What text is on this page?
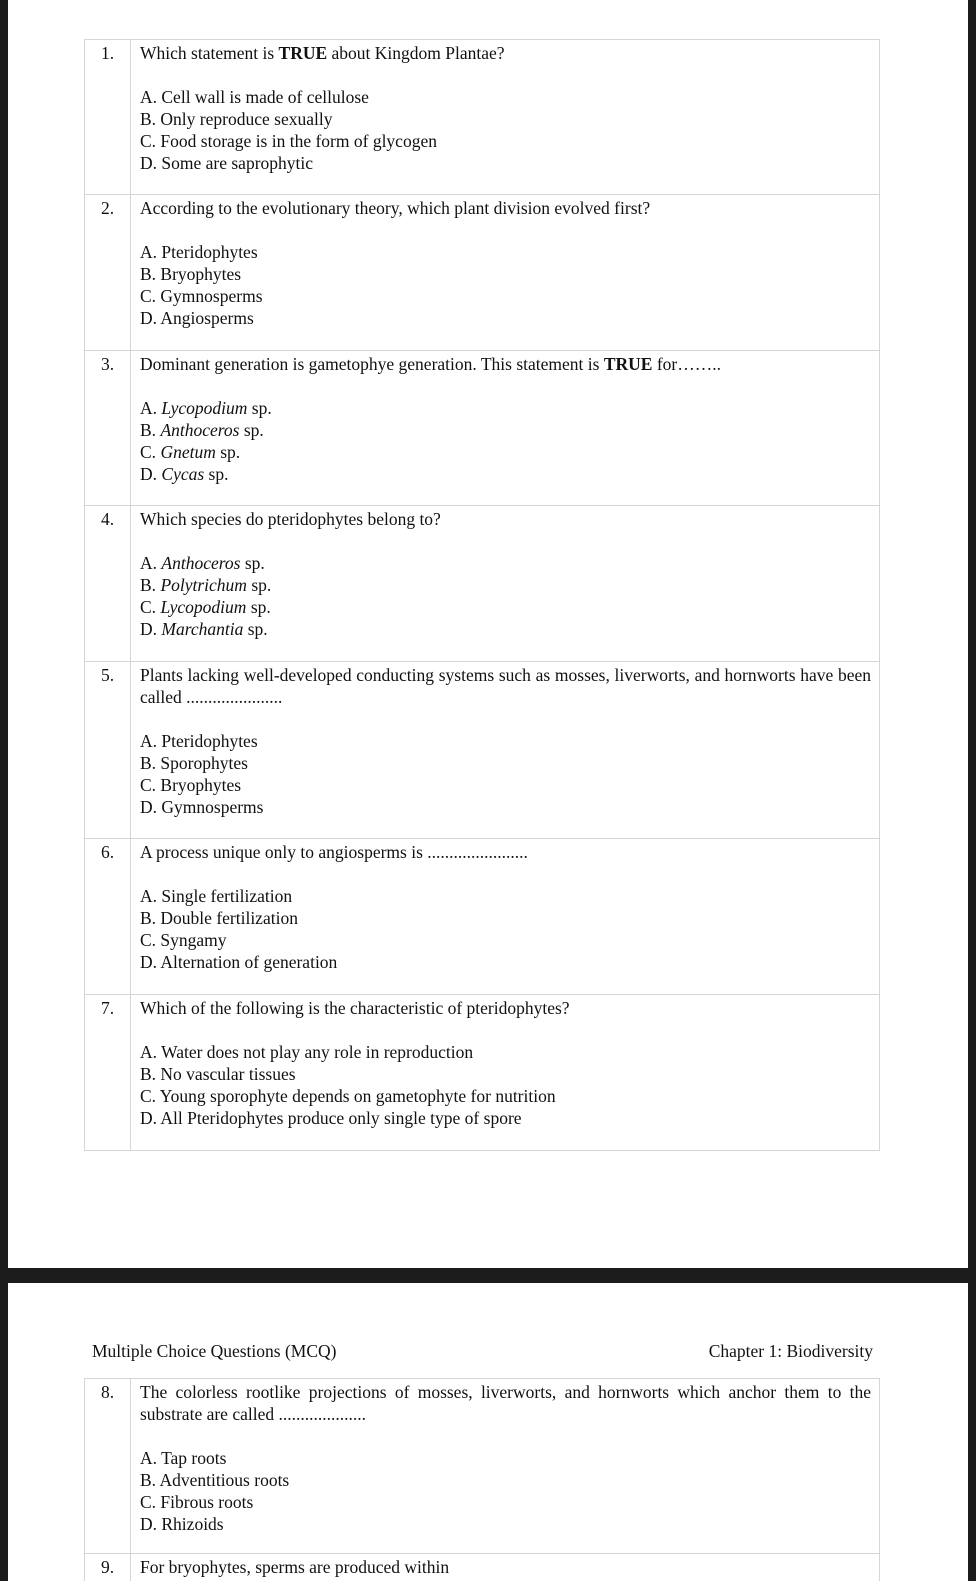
1.	Which statement is TRUE about Kingdom Plantae?
A. Cell wall is made of cellulose
B. Only reproduce sexually
C. Food storage is in the form of glycogen
D. Some are saprophytic

2.	According to the evolutionary theory, which plant division evolved first?
A. Pteridophytes
B. Bryophytes
C. Gymnosperms
D. Angiosperms

3.	Dominant generation is gametophye generation. This statement is TRUE for……..
A. Lycopodium sp.
B. Anthoceros sp.
C. Gnetum sp.
D. Cycas sp.

4.	Which species do pteridophytes belong to?
A. Anthoceros sp.
B. Polytrichum sp.
C. Lycopodium sp.
D. Marchantia sp.

5.	Plants lacking well-developed conducting systems such as mosses, liverworts, and hornworts have been called ......................
A. Pteridophytes
B. Sporophytes
C. Bryophytes
D. Gymnosperms

6.	A process unique only to angiosperms is .......................
A. Single fertilization
B. Double fertilization
C. Syngamy
D. Alternation of generation

7.	Which of the following is the characteristic of pteridophytes?
A. Water does not play any role in reproduction
B. No vascular tissues
C. Young sporophyte depends on gametophyte for nutrition
D. All Pteridophytes produce only single type of spore
Multiple Choice Questions (MCQ)	Chapter 1: Biodiversity
8.	The colorless rootlike projections of mosses, liverworts, and hornworts which anchor them to the substrate are called ....................
A. Tap roots
B. Adventitious roots
C. Fibrous roots
D. Rhizoids

9.	For bryophytes, sperms are produced within
